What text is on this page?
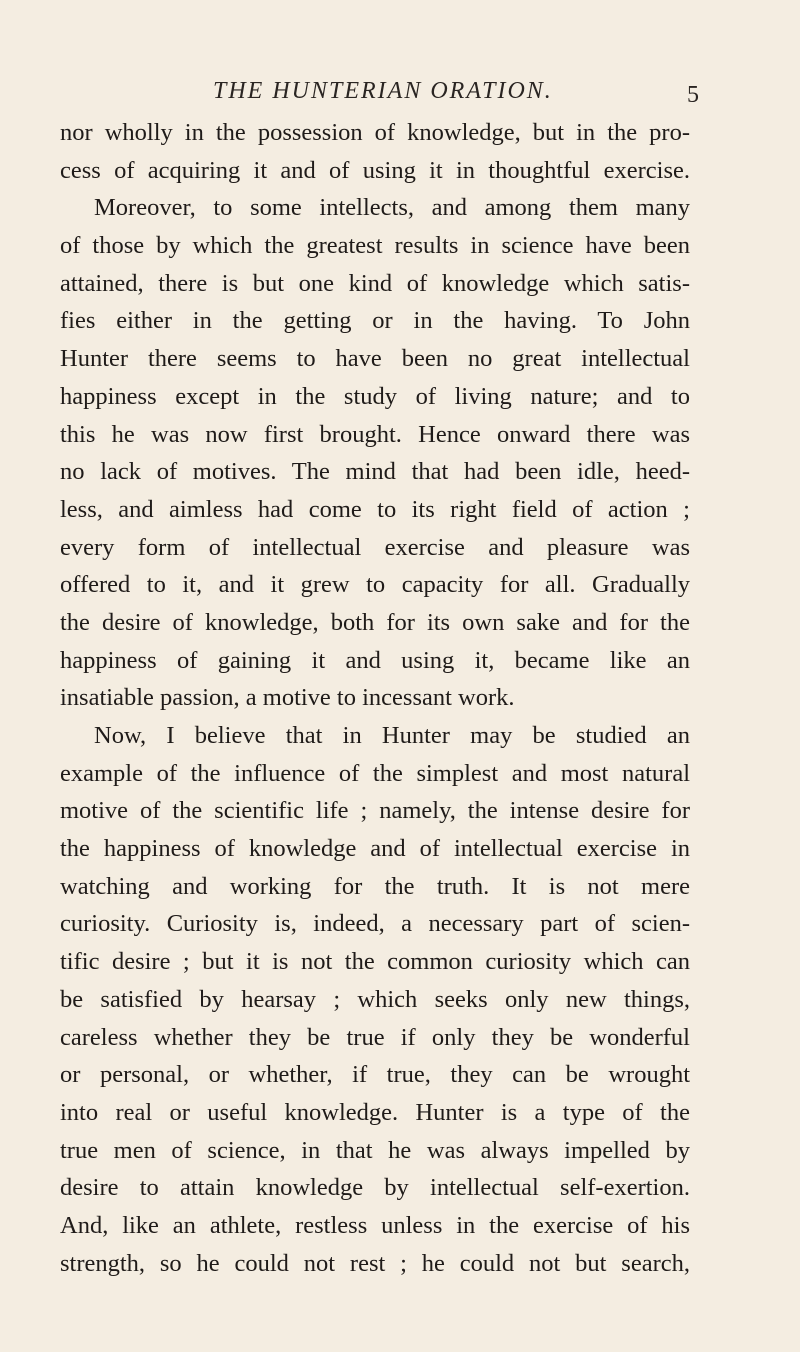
THE HUNTERIAN ORATION.	5
nor wholly in the possession of knowledge, but in the pro-
cess of acquiring it and of using it in thoughtful exercise.
Moreover, to some intellects, and among them many
of those by which the greatest results in science have been
attained, there is but one kind of knowledge which satis-
fies either in the getting or in the having. To John
Hunter there seems to have been no great intellectual
happiness except in the study of living nature; and to
this he was now first brought. Hence onward there was
no lack of motives. The mind that had been idle, heed-
less, and aimless had come to its right field of action ;
every form of intellectual exercise and pleasure was
offered to it, and it grew to capacity for all. Gradually
the desire of knowledge, both for its own sake and for the
happiness of gaining it and using it, became like an
insatiable passion, a motive to incessant work.
Now, I believe that in Hunter may be studied an
example of the influence of the simplest and most natural
motive of the scientific life ; namely, the intense desire for
the happiness of knowledge and of intellectual exercise in
watching and working for the truth. It is not mere
curiosity. Curiosity is, indeed, a necessary part of scien-
tific desire ; but it is not the common curiosity which can
be satisfied by hearsay ; which seeks only new things,
careless whether they be true if only they be wonderful
or personal, or whether, if true, they can be wrought
into real or useful knowledge. Hunter is a type of the
true men of science, in that he was always impelled by
desire to attain knowledge by intellectual self-exertion.
And, like an athlete, restless unless in the exercise of his
strength, so he could not rest ; he could not but search,
